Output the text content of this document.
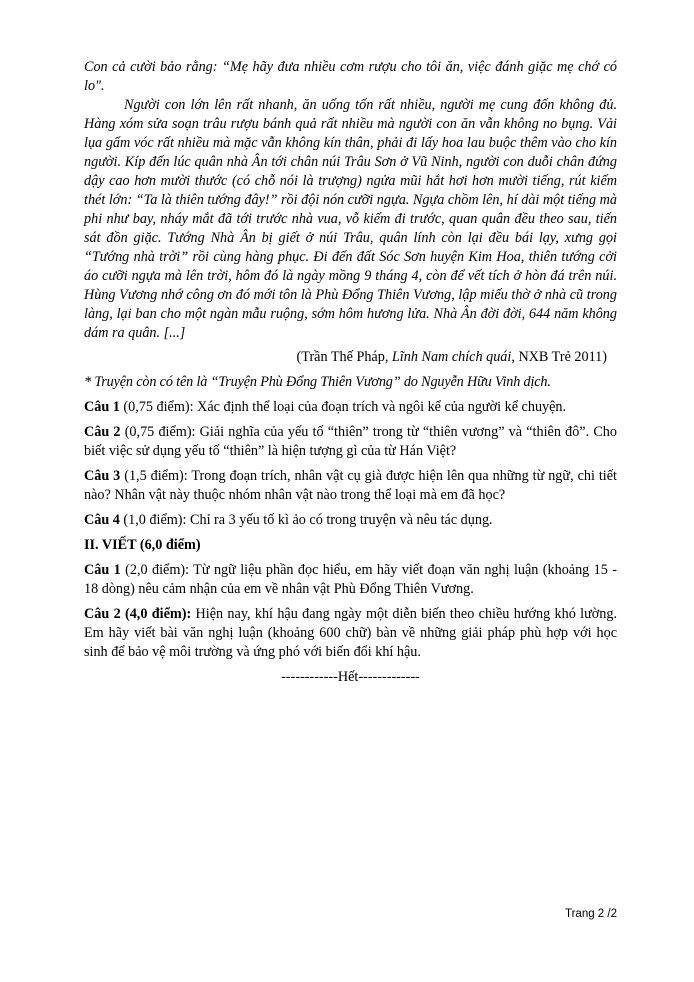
Con cả cười bảo rằng: “Mẹ hãy đưa nhiều cơm rượu cho tôi ăn, việc đánh giặc mẹ chớ có lo".

Người con lớn lên rất nhanh, ăn uống tốn rất nhiều, người mẹ cung đốn không đủ. Hàng xóm sửa soạn trâu rượu bánh quả rất nhiều mà người con ăn vẫn không no bụng. Vải lụa gấm vóc rất nhiều mà mặc vẫn không kín thân, phải đi lấy hoa lau buộc thêm vào cho kín người. Kíp đến lúc quân nhà Ân tới chân núi Trâu Sơn ở Vũ Ninh, người con duỗi chân đứng dậy cao hơn mười thước (có chỗ nói là trượng) ngửa mũi hắt hơi hơn mười tiếng, rút kiếm thét lớn: “Ta là thiên tướng đây!” rồi đội nón cưỡi ngựa. Ngựa chồm lên, hí dài một tiếng mà phi như bay, nháy mắt đã tới trước nhà vua, vỗ kiếm đi trước, quan quân đều theo sau, tiến sát đồn giặc. Tướng Nhà Ân bị giết ở núi Trâu, quân lính còn lại đều bái lạy, xưng gọi “Tướng nhà trời” rồi cùng hàng phục. Đi đến đất Sóc Sơn huyện Kim Hoa, thiên tướng cởi áo cưỡi ngựa mà lên trời, hôm đó là ngày mồng 9 tháng 4, còn để vết tích ở hòn đá trên núi. Hùng Vương nhớ công ơn đó mới tôn là Phù Đổng Thiên Vương, lập miếu thờ ở nhà cũ trong làng, lại ban cho một ngàn mẫu ruộng, sớm hôm hương lửa. Nhà Ân đời đời, 644 năm không dám ra quân. [...]

(Trần Thế Pháp, Lĩnh Nam chích quái, NXB Trẻ 2011)

* Truyện còn có tên là “Truyện Phù Đổng Thiên Vương” do Nguyễn Hữu Vinh dịch.

Câu 1 (0,75 điểm): Xác định thể loại của đoạn trích và ngôi kể của người kể chuyện.

Câu 2 (0,75 điểm): Giải nghĩa của yếu tố “thiên” trong từ “thiên vương” và “thiên đô”. Cho biết việc sử dụng yếu tố “thiên” là hiện tượng gì của từ Hán Việt?

Câu 3 (1,5 điểm): Trong đoạn trích, nhân vật cụ già được hiện lên qua những từ ngữ, chi tiết nào? Nhân vật này thuộc nhóm nhân vật nào trong thể loại mà em đã học?

Câu 4 (1,0 điểm): Chỉ ra 3 yếu tố kì ảo có trong truyện và nêu tác dụng.

II. VIẾT (6,0 điểm)

Câu 1 (2,0 điểm): Từ ngữ liệu phần đọc hiểu, em hãy viết đoạn văn nghị luận (khoảng 15 - 18 dòng) nêu cảm nhận của em về nhân vật Phù Đổng Thiên Vương.

Câu 2 (4,0 điểm): Hiện nay, khí hậu đang ngày một diễn biến theo chiều hướng khó lường. Em hãy viết bài văn nghị luận (khoảng 600 chữ) bàn về những giải pháp phù hợp với học sinh để bảo vệ môi trường và ứng phó với biến đổi khí hậu.

------------Hết-------------

Trang 2 /2
